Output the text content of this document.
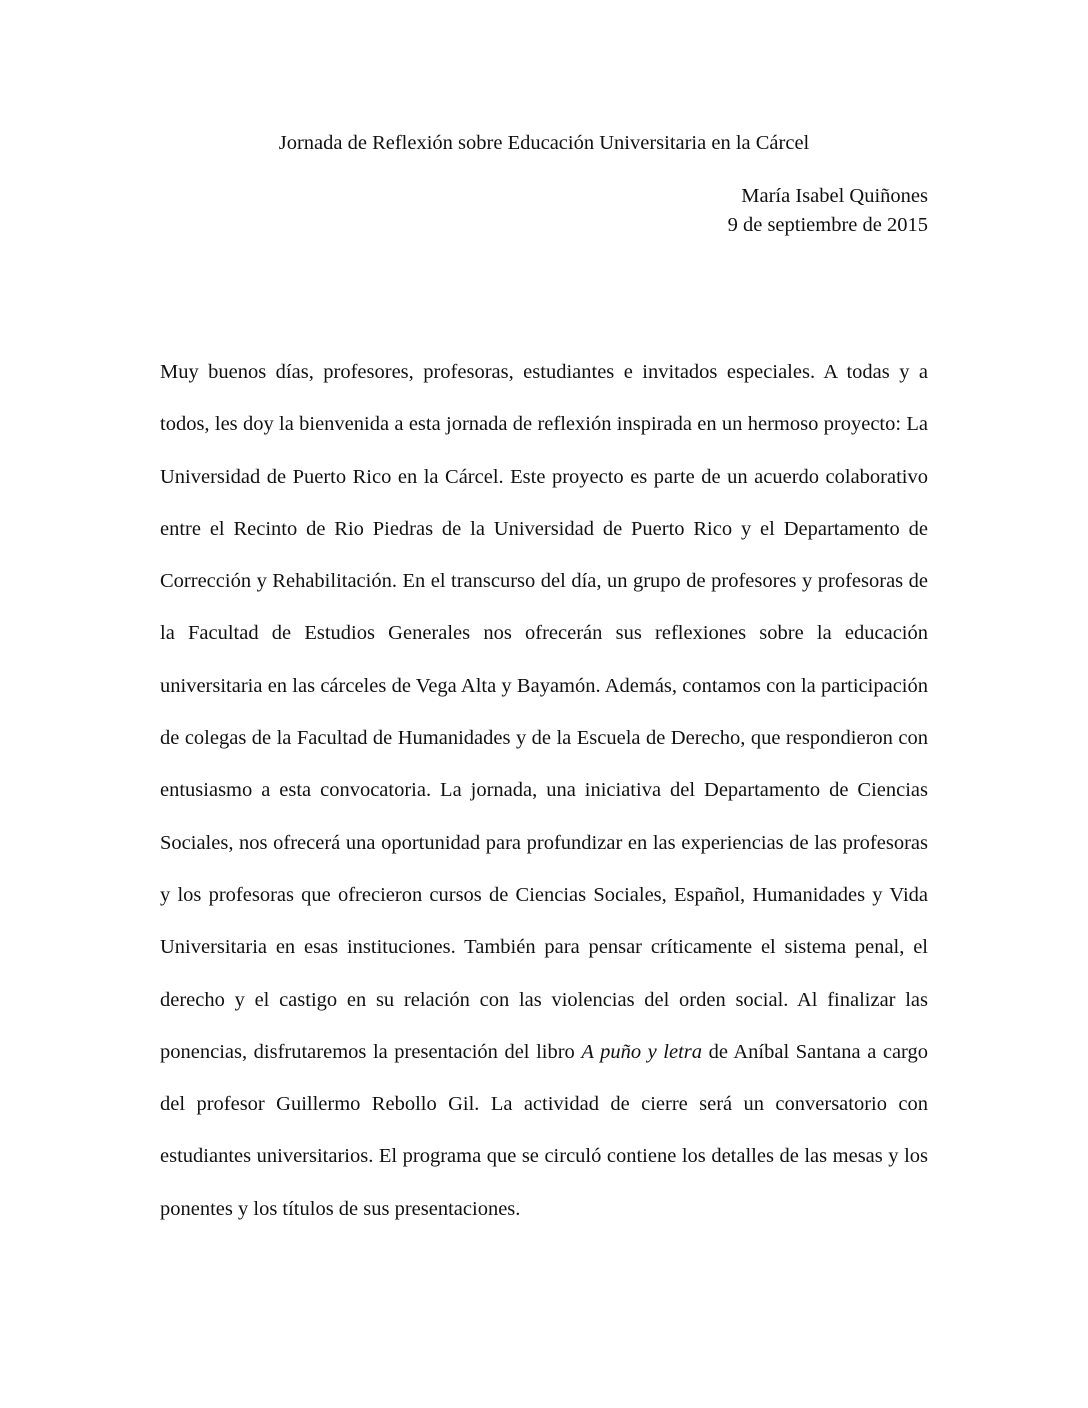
Jornada de Reflexión sobre Educación Universitaria en la Cárcel
María Isabel Quiñones
9 de septiembre de 2015

Muy buenos días, profesores, profesoras, estudiantes e invitados especiales. A todas y a todos, les doy la bienvenida a esta jornada de reflexión inspirada en un hermoso proyecto: La Universidad de Puerto Rico en la Cárcel. Este proyecto es parte de un acuerdo colaborativo entre el Recinto de Rio Piedras de la Universidad de Puerto Rico y el Departamento de Corrección y Rehabilitación. En el transcurso del día, un grupo de profesores y profesoras de la Facultad de Estudios Generales nos ofrecerán sus reflexiones sobre la educación universitaria en las cárceles de Vega Alta y Bayamón. Además, contamos con la participación de colegas de la Facultad de Humanidades y de la Escuela de Derecho, que respondieron con entusiasmo a esta convocatoria. La jornada, una iniciativa del Departamento de Ciencias Sociales, nos ofrecerá una oportunidad para profundizar en las experiencias de las profesoras y los profesoras que ofrecieron cursos de Ciencias Sociales, Español, Humanidades y Vida Universitaria en esas instituciones. También para pensar críticamente el sistema penal, el derecho y el castigo en su relación con las violencias del orden social. Al finalizar las ponencias, disfrutaremos la presentación del libro A puño y letra de Aníbal Santana a cargo del profesor Guillermo Rebollo Gil. La actividad de cierre será un conversatorio con estudiantes universitarios. El programa que se circuló contiene los detalles de las mesas y los ponentes y los títulos de sus presentaciones.
